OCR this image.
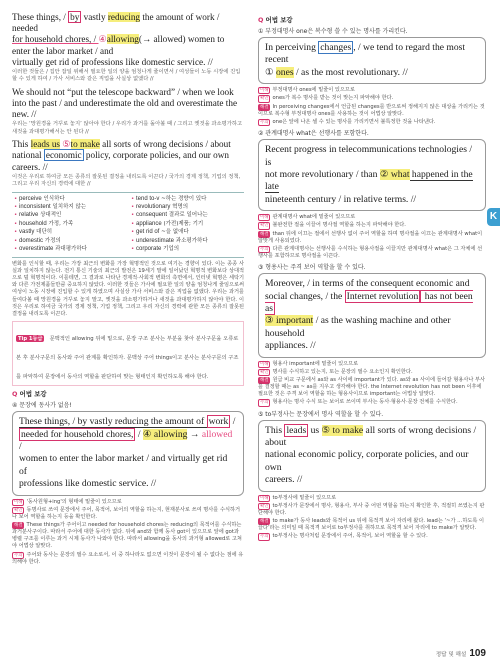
These things, / by vastly reducing the amount of work / needed
for household chores, / ④allowing(→ allowed) women to enter the labor market / and
virtually get rid of professions like domestic service. //
이러한 것들은 / 집안 잡일 위해서 필요한 일의 양을 엄청나게 줄이면서 / 여성들이 노동 시장에 진입할 수 있게 하여 / 가사 서비스와 같은 직업을 사실상 없앴다 //
We should not “put the telescope backward” / when we look into the past / and underestimate the old and overestimate the new. //
우리는 ‘망원경을 거꾸로 놓지’ 않아야 한다 / 우리가 과거를 돌아볼 때 / 그리고 옛것을 과소평가하고 새것을 과대평가해서는 안 된다 //
This leads us ⑤to make all sorts of wrong decisions / about
national economic policy, corporate policies, and our own careers. //
이것은 우리로 하여금 모든 종류의 잘못된 결정을 내리도록 이끈다 / 국가의 경제 정책, 기업의 정책, 그리고 우리 자신의 경력에 대한 //
• perceive 인식하다	• tend to-v ~하는 경향이 있다
• inconsistent 일치하지 않는	• revolutionary 혁명의
• relative 상대적인	• consequent 결과로 일어나는
• household 가정, 가족	• appliance (가전)제품; 기기
• vastly 대단히	• get rid of ~을 없애다
• domestic 가정의	• underestimate 과소평가하다
• overestimate 과대평가하다	• corporate 기업의
변화를 인식할 때, 우리는 가장 최근의 변화를 가장 혁명적인 것으로 여기는 경향이 있다. 이는 종종 사실과 일치하지 않는다. 전기 통신 기술의 최근의 발전은 19세기 말에 일어났던 혁명적 변화보다 상대적으로 덜 혁명적이다. 이를테면, 그 결과로 나타난 경제적·사회적 변화의 측면에서, 인터넷 혁명은 세탁기와 다른 가전제품들만큼 중요하지 않았다. 이러한 것들은 가사에 필요한 일의 양을 엄청나게 줄임으로써 여성이 노동 시장에 진입할 수 있게 하였으며 사실상 가사 서비스와 같은 직업을 없앴다. 우리는 과거를 들여다볼 때 망원경을 거꾸로 놓지 말고, 옛것을 과소평가하거나 새것을 과대평가하지 않아야 한다. 이것은 우리로 하여금 국가의 경제 정책, 기업 정책, 그리고 우리 자신의 경력에 관한 모든 종류의 잘못된 결정을 내리도록 이끈다.
Tip 1등급 문맥적인 allowing 뒤에 밑으로, 문장 구조 분사는 부분을 찾아 분사구문을 오류로 본 후 분사구문의 동사와 주어 관계를 확인하자. 문맥상 주어 things이고 분사는 분사구문의 구조를 파악하여 문장에서 동사의 역할을 판단하여 맞는 형태인지 확인하도록 해야 한다.
Q 어법 보강
④ 문장에 동사가 없음!
These things, / by vastly reducing the amount of work /
needed for household chores, / ④ allowing → allowed /
women to enter the labor market / and virtually get rid of
professions like domestic service. //
이해 '동사원형+ing'의 형태에 밑줄이 있으므로
확인 동명사로 쓰여 문장에서 주어, 목적어, 보어의 역할을 하는지, 현재분사로 쓰여 명사를 수식하거나 보어 역할을 하는지 등을 확인한다.
해결 These things가 주어이고 needed for household chores는 reducing의 목적어를 수식하는 과거분사구이다. 따라서 주어에 대한 동사가 없다. 뒤에 and와 함께 동사 got이 있으므로 앞에 got과 병렬 구조를 이루는 과거 시제 동사가 나와야 한다. 따라서 allowing을 동사의 과거형 allowed로 고쳐야 어법상 알맞다.
주의 주어와 동사는 문장의 필수 요소로서, 이 중 하나라도 없으면 이것이 문장이 될 수 없다는 점에 유의해야 한다.
Q 어법 보강
① 부정대명사 one은 복수형 쓸 수 있는 명사를 가리킨다.
In perceiving changes , / we tend to regard the most recent
① ones / as the most revolutionary. //
이해 부정대명사 ones에 밑줄이 있으므로
확인 ones가 복수 명사를 받는 것이 맞는지 파악해야 한다.
해결 In perceiving changes에서 언급된 changes를 반으로써 정해지지 않은 대상을 가리키는 것이므로 복수형 부정대명사 ones를 사용하는 것이 어법상 알맞다.
주의 one은 앞에 나온 셀 수 있는 명사를 가리키면서 불특정한 것을 나타낸다.
② 관계대명사 what은 선행사를 포함한다.
Recent progress in telecommunications technologies / is
not more revolutionary / than ② what happened in the late
nineteenth century / in relative terms. //
이해 관계대명사 what에 밑줄이 있으므로
확인 불완전한 절을 이끌어 명사절 역할을 하는지 파악해야 한다.
해결 than 뒤에 이끄는 절에서 선행사 없이 주어 역할을 하며 명사절을 이끄는 관계대명사 what이 알맞게 사용되었다.
주의 다른 관계대명사는 선행사를 수식하는 형용사절을 이끌지만 관계대명사 what은 그 자체에 선행사를 포함하므로 명사절을 이끈다.
③ 형용사는 주격 보어 역할을 할 수 있다.
Moreover, / in terms of the consequent economic and
social changes, / the Internet revolution has not been as
③ important / as the washing machine and other household
appliances. //
이해 형용사 important에 밑줄이 있으므로
확인 명사를 수식하고 있는지, 또는 문장의 필수 요소인지 확인한다.
해결 원급 비교 구문에서 as와 as 사이에 important가 있다. as와 as 사이에 들어갈 형용사나 부사를 결정할 때는 as ~ as를 지우고 생각해야 한다. the Internet revolution has not been 이후에 필요한 것은 주격 보어 역할을 하는 형용사이므로 important는 어법상 알맞다.
주의 형용사는 명사 수식 또는 보어로 쓰이며 부사는 동사·형용사·문장 전체를 수식한다.
⑤ to부정사는 문장에서 명사 역할을 할 수 있다.
This leads us ⑤ to make all sorts of wrong decisions / about
national economic policy, corporate policies, and our own
careers. //
이해 to부정사에 밑줄이 있으므로
확인 to부정사가 문장에서 명사, 형용사, 부사 중 어떤 역할을 하는지 확인한 후, 적절히 쓰였는지 판단해야 한다.
해결 to make가 동사 leads와 목적어 us 뒤에 목적격 보어 자리에 왔다. lead는 ‘~가 …하도록 이끌다’라는 의미일 때 목적격 보어로 to부정사를 취하므로 목적격 보어 자리에 to make가 알맞다.
주의 to부정사는 명사처럼 문장에서 주어, 목적어, 보어 역할을 할 수 있다.
K
정답 및 해설 109
